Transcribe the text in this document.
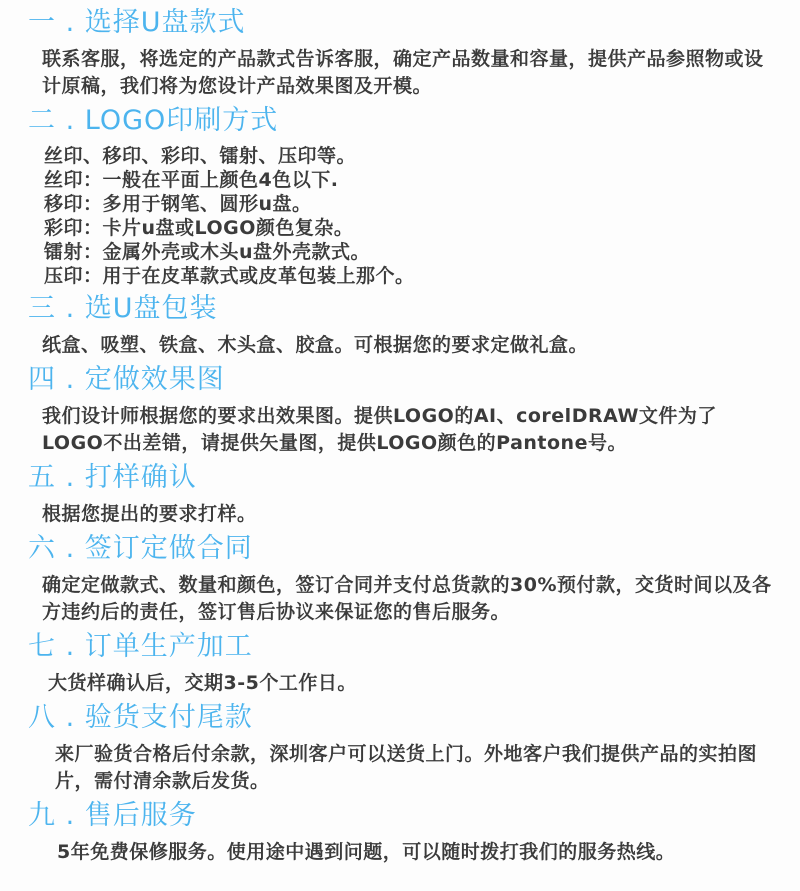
一 . 选择U盘款式

联系客服，将选定的产品款式告诉客服，确定产品数量和容量，提供产品参照物或设计原稿，我们将为您设计产品效果图及开模。

二 . LOGO印刷方式

丝印、移印、彩印、镭射、压印等。

丝印：一般在平面上颜色4色以下.

移印：多用于钢笔、圆形u盘。

彩印：卡片u盘或LOGO颜色复杂。

镭射：金属外壳或木头u盘外壳款式。

压印：用于在皮革款式或皮革包装上那个。

三 . 选U盘包装

纸盒、吸塑、铁盒、木头盒、胶盒。可根据您的要求定做礼盒。

四 . 定做效果图

我们设计师根据您的要求出效果图。提供LOGO的AI、corelDRAW文件为了LOGO不出差错，请提供矢量图，提供LOGO颜色的Pantone号。

五 . 打样确认

根据您提出的要求打样。

六 . 签订定做合同

确定定做款式、数量和颜色，签订合同并支付总货款的30%预付款，交货时间以及各方违约后的责任，签订售后协议来保证您的售后服务。

七 . 订单生产加工

大货样确认后，交期3-5个工作日。

八 . 验货支付尾款

来厂验货合格后付余款，深圳客户可以送货上门。外地客户我们提供产品的实拍图片，需付清余款后发货。

九 . 售后服务

5年免费保修服务。使用途中遇到问题，可以随时拨打我们的服务热线。
